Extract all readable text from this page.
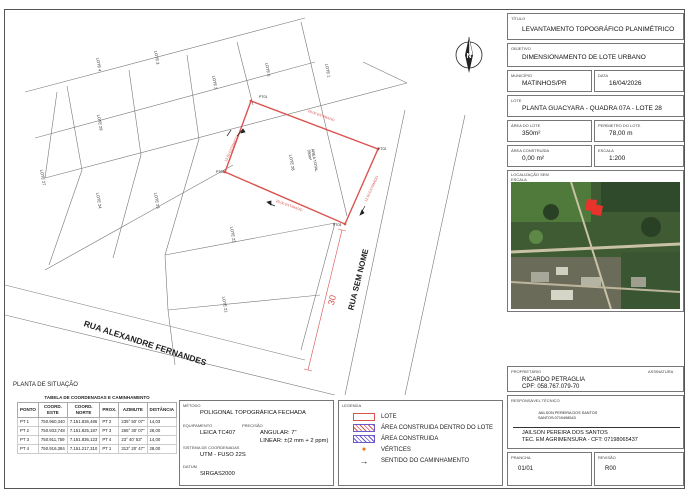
N
LOTE 4	LOTE 3
LOTE 2
LOTE 5	LOTE 1
LOTE 27
LOTE 24	LOTE 23
LOTE 22
LOTE 21
LOTE 28
LOTE 29
ÁREA TOTAL 350m²
PT01
PT02
PT03
PT04
28.00 ESTIMADO
12.50 ESTIMADO
28.00 ESTIMADO
12.50 ESTIMADO
RUA ALEXANDRE FERNANDES
RUA SEM NOME
30
PLANTA DE SITUAÇÃO
TÍTULO
LEVANTAMENTO TOPOGRÁFICO PLANIMÉTRICO
OBJETIVO
DIMENSIONAMENTO DE LOTE URBANO
MUNICÍPIO
MATINHOS/PR
DATA
16/04/2026
LOTE
PLANTA GUACYARA - QUADRA 07A - LOTE 28
ÁREA DO LOTE
350m²
PERÍMETRO DO LOTE
78,00 m
ÁREA CONSTRUÍDA
0,00 m²
ESCALA
1:200
LOCALIZAÇÃO SEM ESCALA
PROPRIETÁRIO	ASSINATURA
RICARDO PETRAGLIA
CPF: 058.767.079-70
RESPONSÁVEL TÉCNICO
JAILSON PEREIRA DOS SANTOS
SANTOS:0719498543
JAILSON PEREIRA DOS SANTOS
TEC. EM AGRIMENSURA - CFT: 07198065437
PRANCHA
01/01
REVISÃO
R00
TABELA DE COORDENADAS E CAMINHAMENTO
PONTO	COORD. ESTE	COORD. NORTE	PROX.	AZIMUTE	DISTÂNCIA
PT 1	750.960,340	7.151.836,486	PT 2	235° 50' 07"	14,03
PT 2	750.933,748	7.151.825,187	PT 3	265° 30' 07"	28,00
PT 3	750.911,759	7.151.836,123	PT 4	23° 40' 53"	14,00
PT 4	750.916,384	7.151.217,310	PT 1	313° 20' 47"	28,00
MÉTODO
POLIGONAL TOPOGRÁFICA FECHADA
EQUIPAMENTO
LEICA TC407
PRECISÃO
ANGULAR: 7"
LINEAR: ±(2 mm + 2 ppm)
SISTEMA DE COORDENADAS
UTM - FUSO 22S
DATUM
SIRGAS2000
LEGENDA
LOTE
ÁREA CONSTRUIDA DENTRO DO LOTE
ÁREA CONSTRUIDA
✦	VÉRTICES
→	SENTIDO DO CAMINHAMENTO
